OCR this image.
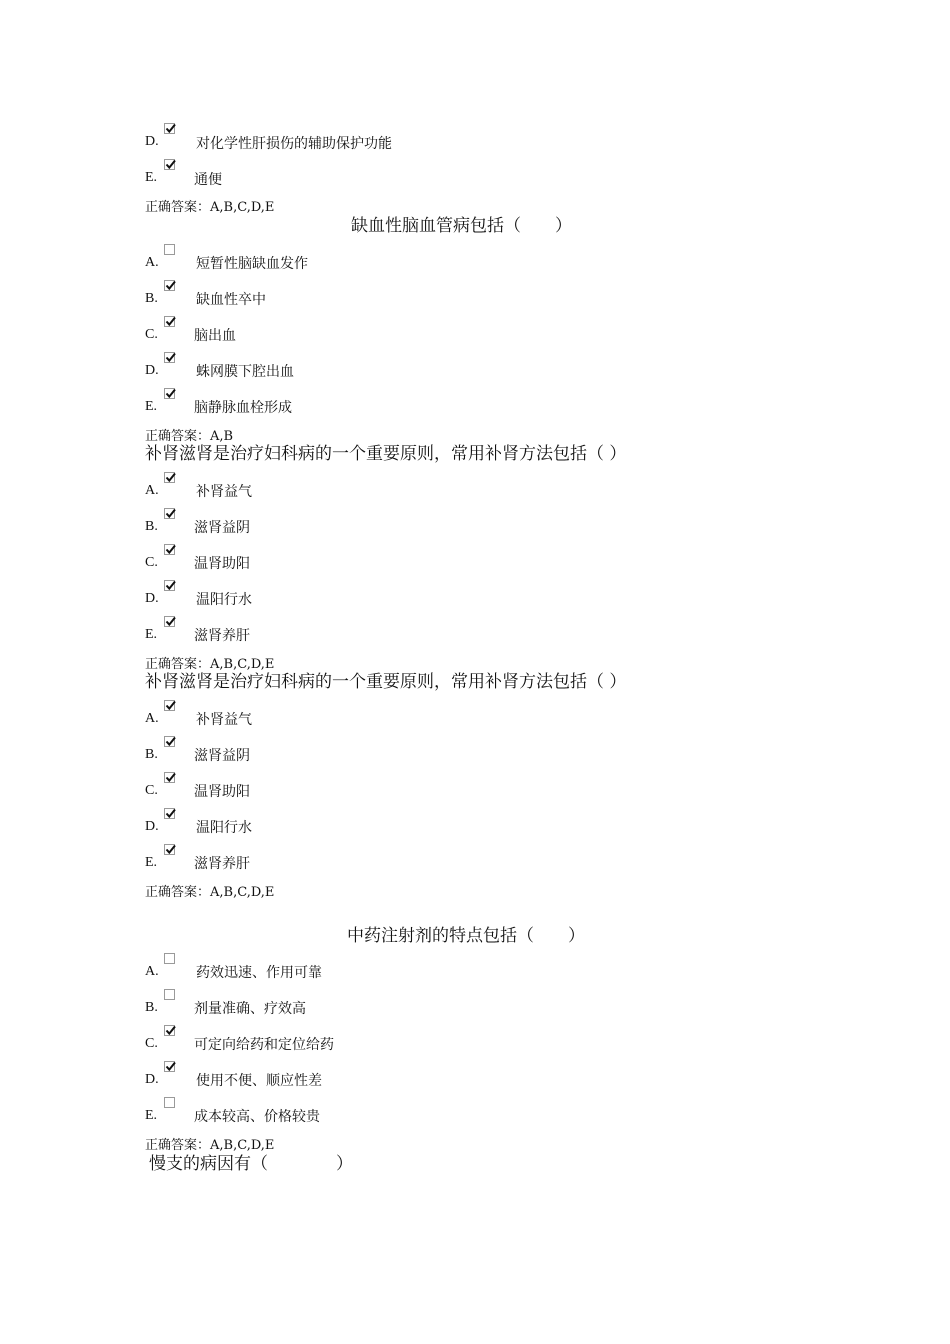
D.	对化学性肝损伤的辅助保护功能
E.	通便
正确答案：A,B,C,D,E
缺血性脑血管病包括（　　）
A.	短暂性脑缺血发作
B.	缺血性卒中
C.	脑出血
D.	蛛网膜下腔出血
E.	脑静脉血栓形成
正确答案：A,B
补肾滋肾是治疗妇科病的一个重要原则，常用补肾方法包括（ ）
A.	补肾益气
B.	滋肾益阴
C.	温肾助阳
D.	温阳行水
E.	滋肾养肝
正确答案：A,B,C,D,E
补肾滋肾是治疗妇科病的一个重要原则，常用补肾方法包括（ ）
A.	补肾益气
B.	滋肾益阴
C.	温肾助阳
D.	温阳行水
E.	滋肾养肝
正确答案：A,B,C,D,E
中药注射剂的特点包括（　　）
A.	药效迅速、作用可靠
B.	剂量准确、疗效高
C.	可定向给药和定位给药
D.	使用不便、顺应性差
E.	成本较高、价格较贵
正确答案：A,B,C,D,E
慢支的病因有（　　　　）
